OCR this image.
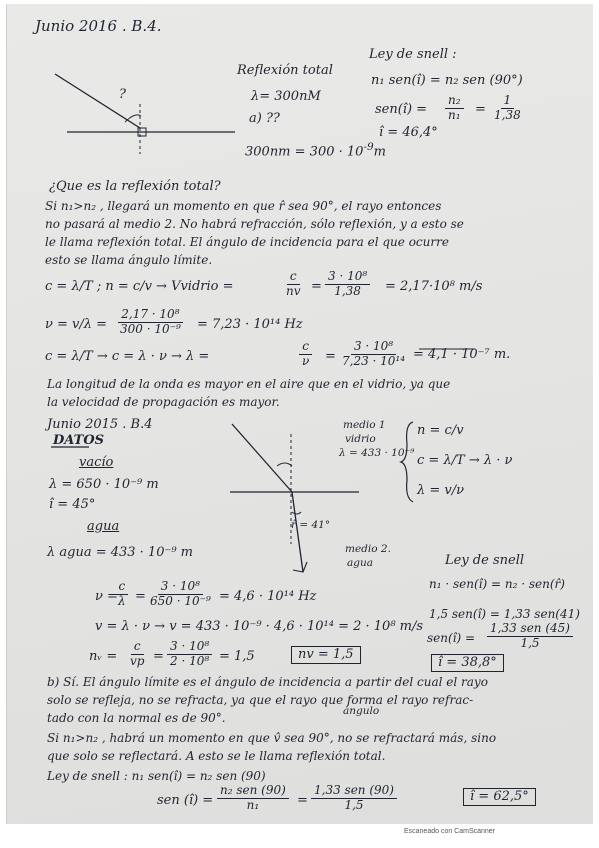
Junio 2016 . B.4.
?
Reflexión total
λ= 300nM
a) ??
$300nm = 300 \cdot 10^{-9}m$
Ley de snell :
n₁ sen(î) = n₂ sen (90°)
sen(î) = $\frac{\text{n₂}}{\text{n₁}} = \frac{1}{1,38}$
î = 46,4°
¿Que es la reflexión total?
Si n₁>n₂ , llegará un momento en que r̂ sea 90°, el rayo entonces
no pasará al medio 2. No habrá refracción, sólo reflexión, y a esto se
le llama reflexión total. El ángulo de incidencia para el que ocurre
esto se llama ángulo límite.
c = λ/T ; n = c/v → Vvidrio =	$\frac{c}{nv} = \frac{\text{3 · 10⁸}}{1,38} = 2,17\cdot 10^8$ m/s
$\nu = v/\lambda = \frac{\text{2,17 · 10⁸}}{\text{300 · 10⁻⁹}} = 7,23 \cdot 10^{14}$ Hz
c = λ/T → c = λ · ν → λ =	$\frac{c}{\nu} = \frac{\text{3 · 10⁸}}{\text{7,23 · 10¹⁴}} = 4,1 \cdot 10^{-7}$ m.
La longitud de la onda es mayor en el aire que en el vidrio, ya que
la velocidad de propagación es mayor.
Junio 2015 . B.4
DATOS
vacío
λ = 650 · 10⁻⁹ m
î = 45°
agua
λ agua = 433 · 10⁻⁹ m
medio 1
vidrio
λ = 433 · 10⁻⁹
r̂ = 41°
medio 2.
agua
n = c/v
c = λ/T → λ · ν
λ = v/ν
Ley de snell
n₁ · sen(î) = n₂ · sen(r̂)
1,5 sen(î) = 1,33 sen(41)
sen(î) =
1,33 sen (45)
1,5
î = 38,8°
ν =
$\frac{c}{\lambda} = \frac{\text{3 · 10⁸}}{\text{650 · 10⁻⁹}} = 4,6 \cdot 10^{14}$ Hz
v = λ · ν → v = 433 · 10⁻⁹ · 4,6 · 10¹⁴ = 2 · 10⁸ m/s
nᵥ = $\frac{c}{vp} = \frac{\text{3 · 10⁸}}{\text{2 · 10⁸}} = 1,5$	nv = 1,5
b) Sí. El ángulo límite es el ángulo de incidencia a partir del cual el rayo
solo se refleja, no se refracta, ya que el rayo que forma el rayo refrac-
ángulo
tado con la normal es de 90°.
Si n₁>n₂ , habrá un momento en que v̂ sea 90°, no se refractará más, sino
que solo se reflectará. A esto se le llama reflexión total.
Ley de snell : n₁ sen(î) = n₂ sen (90)
sen (î) =
n₂ sen (90)
n₁	=
1,33 sen (90)
1,5
î = 62,5°
Escaneado con CamScanner
